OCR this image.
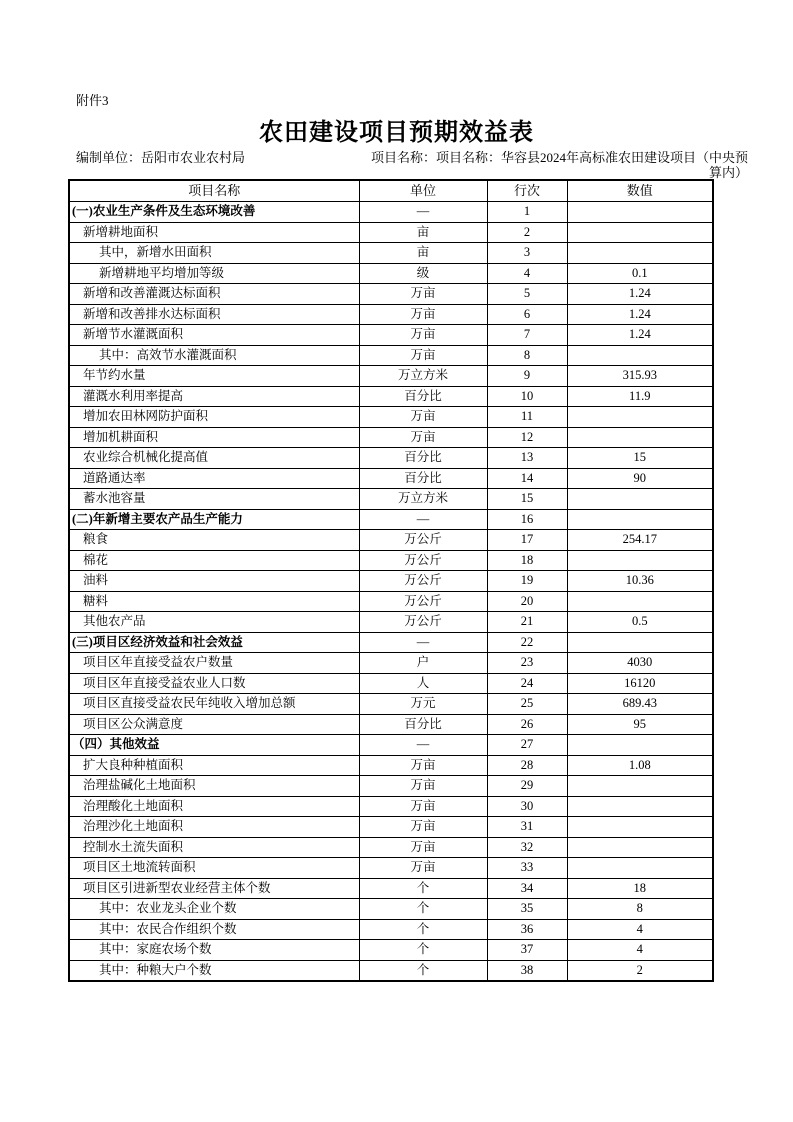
附件3
农田建设项目预期效益表
编制单位：岳阳市农业农村局	项目名称：项目名称：华容县2024年高标准农田建设项目（中央预
算内）
项目名称	单位	行次	数值
(一)农业生产条件及生态环境改善	—	1	
新增耕地面积	亩	2	
其中，新增水田面积	亩	3	
新增耕地平均增加等级	级	4	0.1
新增和改善灌溉达标面积	万亩	5	1.24
新增和改善排水达标面积	万亩	6	1.24
新增节水灌溉面积	万亩	7	1.24
其中：高效节水灌溉面积	万亩	8	
年节约水量	万立方米	9	315.93
灌溉水利用率提高	百分比	10	11.9
增加农田林网防护面积	万亩	11	
增加机耕面积	万亩	12	
农业综合机械化提高值	百分比	13	15
道路通达率	百分比	14	90
蓄水池容量	万立方米	15	
(二)年新增主要农产品生产能力	—	16	
粮食	万公斤	17	254.17
棉花	万公斤	18	
油料	万公斤	19	10.36
糖料	万公斤	20	
其他农产品	万公斤	21	0.5
(三)项目区经济效益和社会效益	—	22	
项目区年直接受益农户数量	户	23	4030
项目区年直接受益农业人口数	人	24	16120
项目区直接受益农民年纯收入增加总额	万元	25	689.43
项目区公众满意度	百分比	26	95
（四）其他效益	—	27	
扩大良种种植面积	万亩	28	1.08
治理盐碱化土地面积	万亩	29	
治理酸化土地面积	万亩	30	
治理沙化土地面积	万亩	31	
控制水土流失面积	万亩	32	
项目区土地流转面积	万亩	33	
项目区引进新型农业经营主体个数	个	34	18
其中：农业龙头企业个数	个	35	8
其中：农民合作组织个数	个	36	4
其中：家庭农场个数	个	37	4
其中：种粮大户个数	个	38	2
